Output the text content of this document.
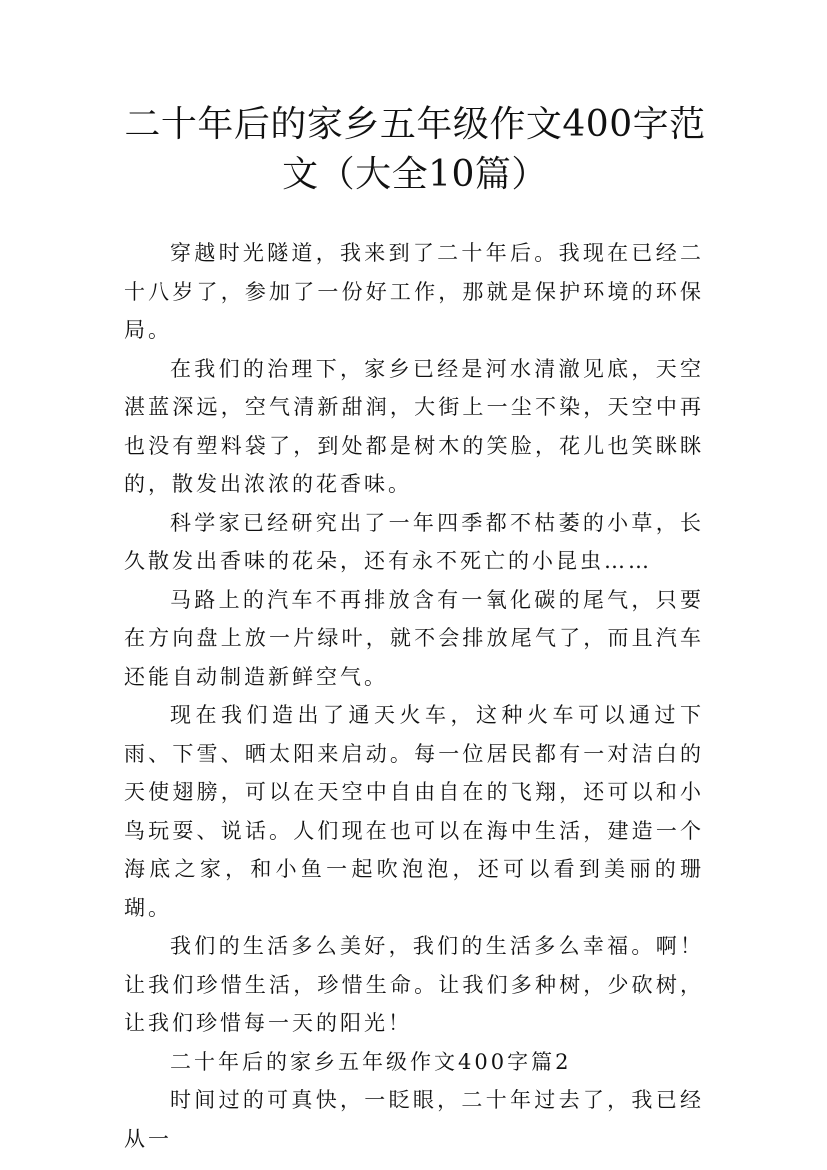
二十年后的家乡五年级作文400字范文（大全10篇）

穿越时光隧道，我来到了二十年后。我现在已经二十八岁了，参加了一份好工作，那就是保护环境的环保局。

在我们的治理下，家乡已经是河水清澈见底，天空湛蓝深远，空气清新甜润，大街上一尘不染，天空中再也没有塑料袋了，到处都是树木的笑脸，花儿也笑眯眯的，散发出浓浓的花香味。

科学家已经研究出了一年四季都不枯萎的小草，长久散发出香味的花朵，还有永不死亡的小昆虫……

马路上的汽车不再排放含有一氧化碳的尾气，只要在方向盘上放一片绿叶，就不会排放尾气了，而且汽车还能自动制造新鲜空气。

现在我们造出了通天火车，这种火车可以通过下雨、下雪、晒太阳来启动。每一位居民都有一对洁白的天使翅膀，可以在天空中自由自在的飞翔，还可以和小鸟玩耍、说话。人们现在也可以在海中生活，建造一个海底之家，和小鱼一起吹泡泡，还可以看到美丽的珊瑚。

我们的生活多么美好，我们的生活多么幸福。啊！让我们珍惜生活，珍惜生命。让我们多种树，少砍树，让我们珍惜每一天的阳光！

二十年后的家乡五年级作文400字篇2

时间过的可真快，一眨眼，二十年过去了，我已经从一
